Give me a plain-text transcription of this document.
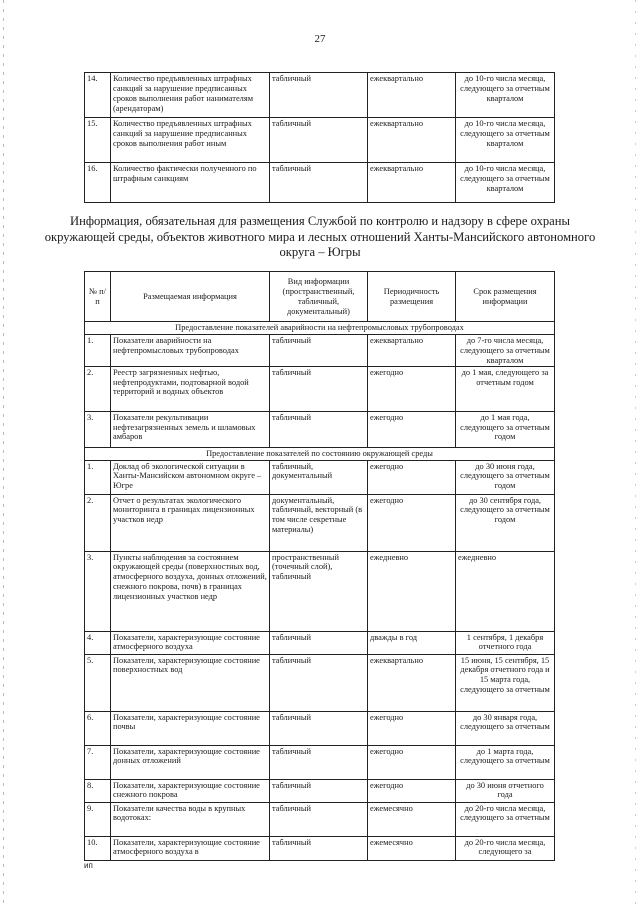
27
14.	Количество предъявленных штрафных санкций за нарушение предписанных сроков выполнения работ нанимателям (арендаторам)	табличный	ежеквартально	до 10-го числа месяца, следующего за отчетным кварталом
15.	Количество предъявленных штрафных санкций за нарушение предписанных сроков выполнения работ иным	табличный	ежеквартально	до 10-го числа месяца, следующего за отчетным кварталом
16.	Количество фактически полученного по штрафным санкциям	табличный	ежеквартально	до 10-го числа месяца, следующего за отчетным кварталом
Информация, обязательная для размещения Службой по контролю и надзору в сфере охраны окружающей среды, объектов животного мира и лесных отношений Ханты-Мансийского автономного округа – Югры
№ п/п	Размещаемая информация	Вид информации (пространственный, табличный, документальный)	Периодичность размещения	Срок размещения информации
Предоставление показателей аварийности на нефтепромысловых трубопроводах				
1.	Показатели аварийности на нефтепромысловых трубопроводах	табличный	ежеквартально	до 7-го числа месяца, следующего за отчетным кварталом
2.	Реестр загрязненных нефтью, нефтепродуктами, подтоварной водой территорий и водных объектов	табличный	ежегодно	до 1 мая, следующего за отчетным годом
3.	Показатели рекультивации нефтезагрязненных земель и шламовых амбаров	табличный	ежегодно	до 1 мая года, следующего за отчетным годом
Предоставление показателей по состоянию окружающей среды				
1.	Доклад об экологической ситуации в Ханты-Мансийском автономном округе – Югре	табличный, документальный	ежегодно	до 30 июня года, следующего за отчетным годом
2.	Отчет о результатах экологического мониторинга в границах лицензионных участков недр	документальный, табличный, векторный (в том числе секретные материалы)	ежегодно	до 30 сентября года, следующего за отчетным годом
3.	Пункты наблюдения за состоянием окружающей среды (поверхностных вод, атмосферного воздуха, донных отложений, снежного покрова, почв) в границах лицензионных участков недр	пространственный (точечный слой), табличный	ежедневно	ежедневно
4.	Показатели, характеризующие состояние атмосферного воздуха	табличный	дважды в год	1 сентября, 1 декабря отчетного года
5.	Показатели, характеризующие состояние поверхностных вод	табличный	ежеквартально	15 июня, 15 сентября, 15 декабря отчетного года и 15 марта года, следующего за отчетным
6.	Показатели, характеризующие состояние почвы	табличный	ежегодно	до 30 января года, следующего за отчетным
7.	Показатели, характеризующие состояние донных отложений	табличный	ежегодно	до 1 марта года, следующего за отчетным
8.	Показатели, характеризующие состояние снежного покрова	табличный	ежегодно	до 30 июня отчетного года
9.	Показатели качества воды в крупных водотоках:	табличный	ежемесячно	до 20-го числа месяца, следующего за отчетным
10.	Показатели, характеризующие состояние атмосферного воздуха в	табличный	ежемесячно	до 20-го числа месяца, следующего за
ип
